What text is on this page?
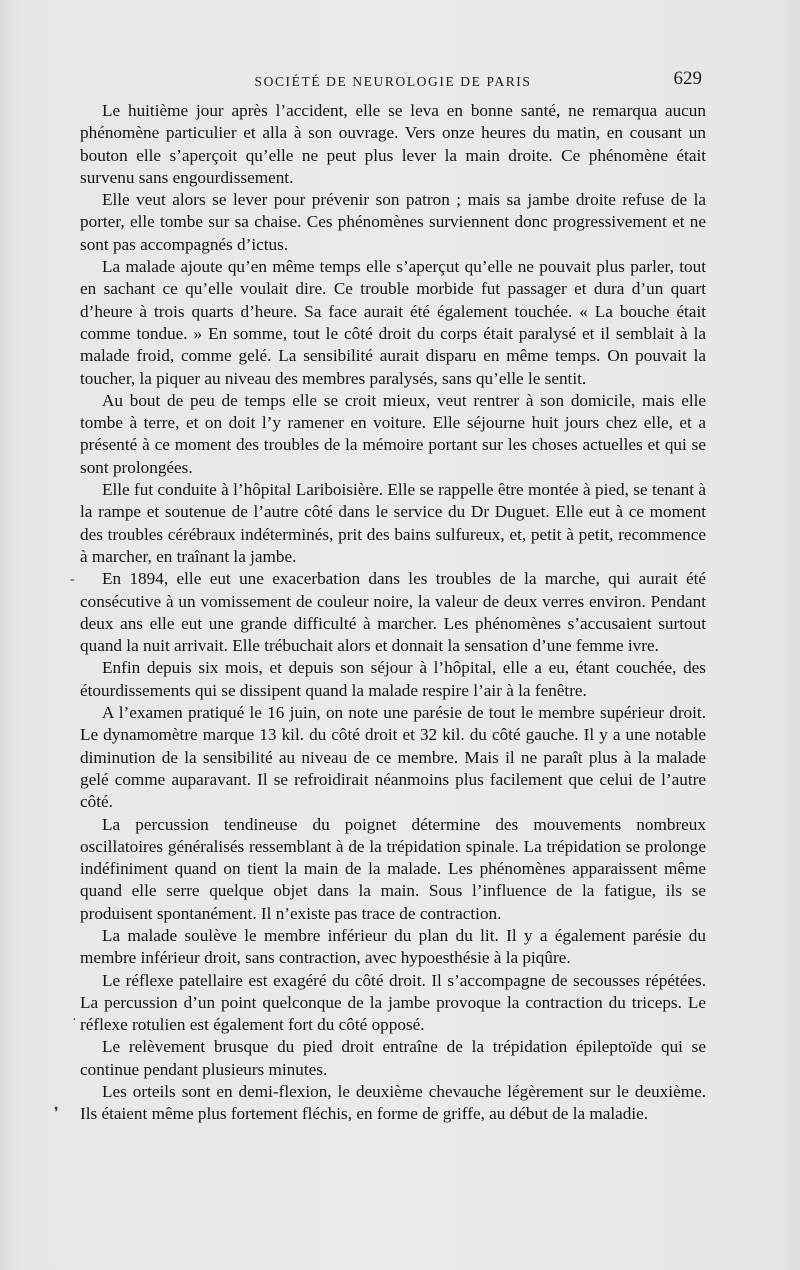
SOCIÉTÉ DE NEUROLOGIE DE PARIS	629

Le huitième jour après l’accident, elle se leva en bonne santé, ne remarqua aucun phénomène particulier et alla à son ouvrage. Vers onze heures du matin, en cousant un bouton elle s’aperçoit qu’elle ne peut plus lever la main droite. Ce phénomène était survenu sans engourdissement.

Elle veut alors se lever pour prévenir son patron ; mais sa jambe droite refuse de la porter, elle tombe sur sa chaise. Ces phénomènes surviennent donc progressivement et ne sont pas accompagnés d’ictus.

La malade ajoute qu’en même temps elle s’aperçut qu’elle ne pouvait plus parler, tout en sachant ce qu’elle voulait dire. Ce trouble morbide fut passager et dura d’un quart d’heure à trois quarts d’heure. Sa face aurait été également touchée. « La bouche était comme tondue. » En somme, tout le côté droit du corps était paralysé et il semblait à la malade froid, comme gelé. La sensibilité aurait disparu en même temps. On pouvait la toucher, la piquer au niveau des membres paralysés, sans qu’elle le sentit.

Au bout de peu de temps elle se croit mieux, veut rentrer à son domicile, mais elle tombe à terre, et on doit l’y ramener en voiture. Elle séjourne huit jours chez elle, et a présenté à ce moment des troubles de la mémoire portant sur les choses actuelles et qui se sont prolongées.

Elle fut conduite à l’hôpital Lariboisière. Elle se rappelle être montée à pied, se tenant à la rampe et soutenue de l’autre côté dans le service du Dr Duguet. Elle eut à ce moment des troubles cérébraux indéterminés, prit des bains sulfureux, et, petit à petit, recommence à marcher, en traînant la jambe.

En 1894, elle eut une exacerbation dans les troubles de la marche, qui aurait été consécutive à un vomissement de couleur noire, la valeur de deux verres environ. Pendant deux ans elle eut une grande difficulté à marcher. Les phénomènes s’accusaient surtout quand la nuit arrivait. Elle trébuchait alors et donnait la sensation d’une femme ivre.

Enfin depuis six mois, et depuis son séjour à l’hôpital, elle a eu, étant couchée, des étourdissements qui se dissipent quand la malade respire l’air à la fenêtre.

A l’examen pratiqué le 16 juin, on note une parésie de tout le membre supérieur droit. Le dynamomètre marque 13 kil. du côté droit et 32 kil. du côté gauche. Il y a une notable diminution de la sensibilité au niveau de ce membre. Mais il ne paraît plus à la malade gelé comme auparavant. Il se refroidirait néanmoins plus facilement que celui de l’autre côté.

La percussion tendineuse du poignet détermine des mouvements nombreux oscillatoires généralisés ressemblant à de la trépidation spinale. La trépidation se prolonge indéfiniment quand on tient la main de la malade. Les phénomènes apparaissent même quand elle serre quelque objet dans la main. Sous l’influence de la fatigue, ils se produisent spontanément. Il n’existe pas trace de contraction.

La malade soulève le membre inférieur du plan du lit. Il y a également parésie du membre inférieur droit, sans contraction, avec hypoesthésie à la piqûre.

Le réflexe patellaire est exagéré du côté droit. Il s’accompagne de secousses répétées. La percussion d’un point quelconque de la jambe provoque la contraction du triceps. Le réflexe rotulien est également fort du côté opposé.

Le relèvement brusque du pied droit entraîne de la trépidation épileptoïde qui se continue pendant plusieurs minutes.

Les orteils sont en demi-flexion, le deuxième chevauche légèrement sur le deuxième. Ils étaient même plus fortement fléchis, en forme de griffe, au début de la maladie.

-
·
❜
